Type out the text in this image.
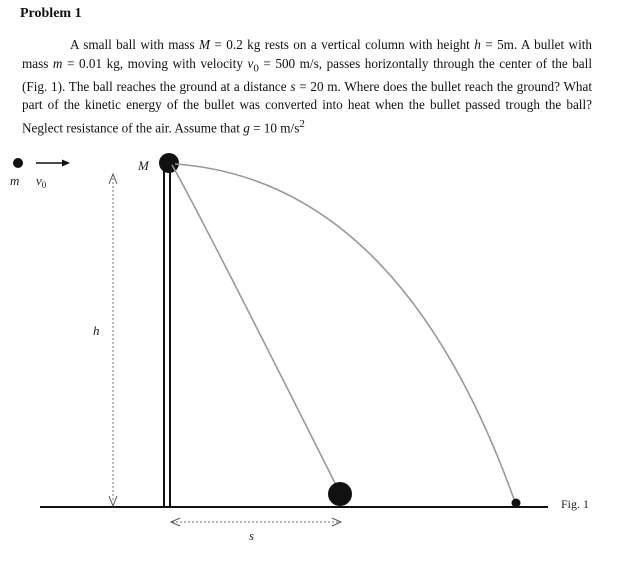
Problem 1

A small ball with mass M = 0.2 kg rests on a vertical column with height h = 5m. A bullet with mass m = 0.01 kg, moving with velocity $v_0 = 500$ m/s, passes horizontally through the center of the ball (Fig. 1). The ball reaches the ground at a distance s = 20 m. Where does the bullet reach the ground? What part of the kinetic energy of the bullet was converted into heat when the bullet passed trough the ball? Neglect resistance of the air. Assume that g = 10 $m/s^2$

m $v_0$
M
h
s
Fig. 1
